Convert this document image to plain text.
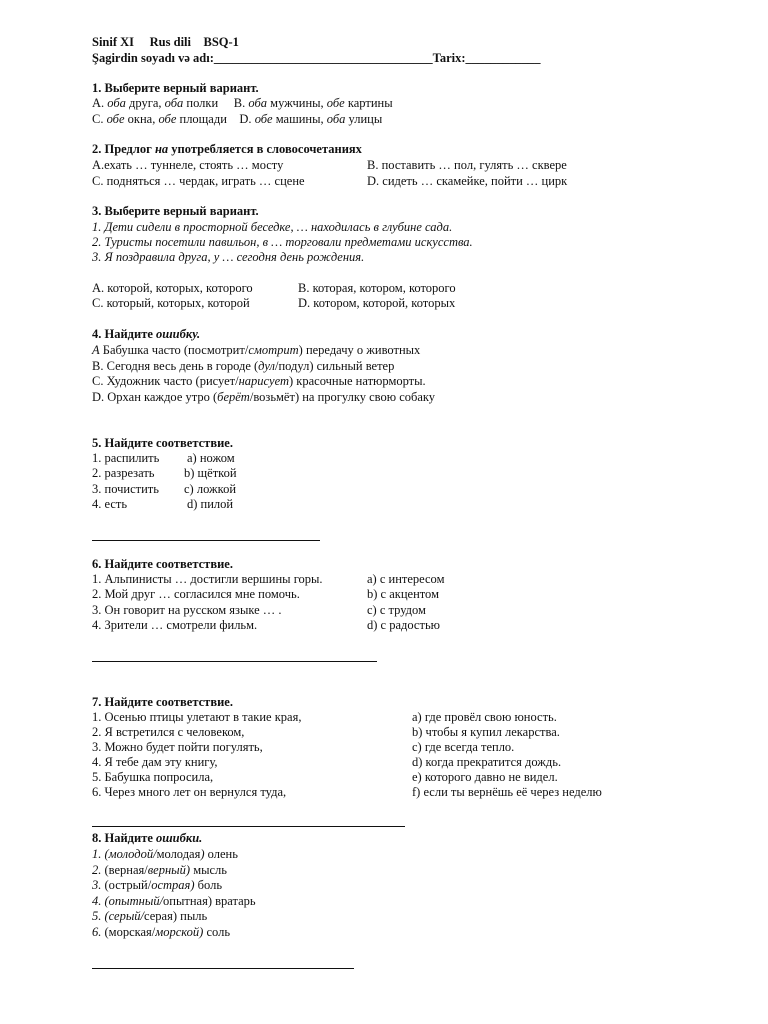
Sinif XI     Rus dili    BSQ-1
Şagirdin soyadı və adı:___________________________________Tarix:____________
1. Выберите верный вариант.
A. оба друга, оба полки     B. оба мужчины, обе картины
C. обе окна, обе площади    D. обе машины, оба улицы
2. Предлог на употребляется в словосочетаниях
A.ехать … туннеле, стоять … мосту	B. поставить … пол, гулять … сквере
C. подняться … чердак, играть … сцене	D. сидеть … скамейке, пойти … цирк
3. Выберите верный вариант.
1. Дети сидели в просторной беседке, … находилась в глубине сада.
2. Туристы посетили павильон, в … торговали предметами искусства.
3. Я поздравила друга, у … сегодня день рождения.
A. которой, которых, которого	B. которая, котором, которого
C. который, которых, которой	D. котором, которой, которых
4. Найдите ошибку.
A Бабушка часто (посмотрит/смотрит) передачу о животных
B. Сегодня весь день в городе (дул/подул) сильный ветер
C. Художник часто (рисует/нарисует) красочные натюрморты.
D. Орхан каждое утро (берёт/возьмёт) на прогулку свою собаку
5. Найдите соответствие.
1. распилить a) ножом
2. разрезать b) щёткой
3. почистить c) ложкой
4. есть	d) пилой
6. Найдите соответствие.
1. Альпинисты … достигли вершины горы.	a) с интересом
2. Мой друг … согласился мне помочь.	b) с акцентом
3. Он говорит на русском языке … .	c) с трудом
4. Зрители … смотрели фильм.	d) с радостью
7. Найдите соответствие.
1. Осенью птицы улетают в такие края,	a) где провёл свою юность.
2. Я встретился с человеком,	b) чтобы я купил лекарства.
3. Можно будет пойти погулять,	c) где всегда тепло.
4. Я тебе дам эту книгу,	d) когда прекратится дождь.
5. Бабушка попросила,	e) которого давно не видел.
6. Через много лет он вернулся туда,	f) если ты вернёшь её через неделю
8. Найдите ошибки.
1. (молодой/молодая) олень
2. (верная/верный) мысль
3. (острый/острая) боль
4. (опытный/опытная) вратарь
5. (серый/серая) пыль
6. (морская/морской) соль
